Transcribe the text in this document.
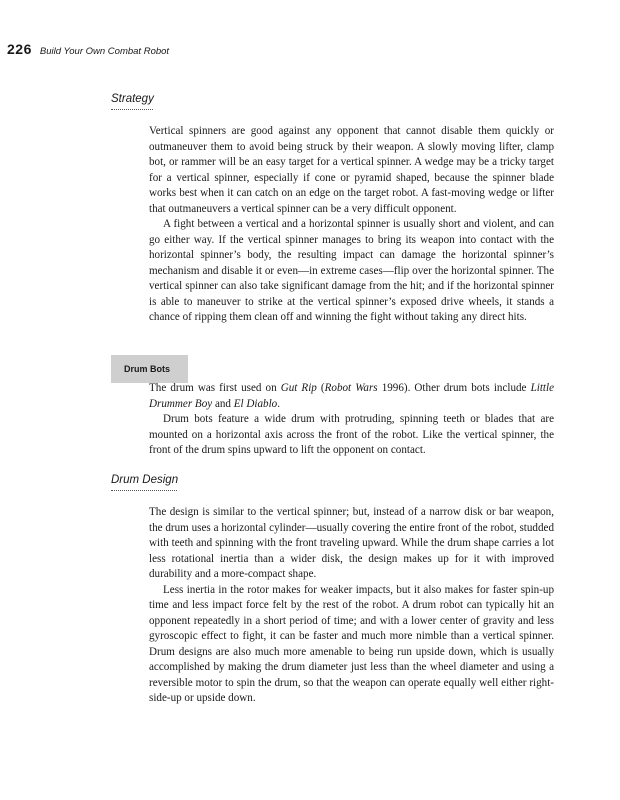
226 Build Your Own Combat Robot
Strategy

Vertical spinners are good against any opponent that cannot disable them quickly or outmaneuver them to avoid being struck by their weapon. A slowly moving lifter, clamp bot, or rammer will be an easy target for a vertical spinner. A wedge may be a tricky target for a vertical spinner, especially if cone or pyramid shaped, because the spinner blade works best when it can catch on an edge on the target robot. A fast-moving wedge or lifter that outmaneuvers a vertical spinner can be a very difficult opponent.

A fight between a vertical and a horizontal spinner is usually short and violent, and can go either way. If the vertical spinner manages to bring its weapon into contact with the horizontal spinner’s body, the resulting impact can damage the horizontal spinner’s mechanism and disable it or even—in extreme cases—flip over the horizontal spinner. The vertical spinner can also take significant damage from the hit; and if the horizontal spinner is able to maneuver to strike at the vertical spinner’s exposed drive wheels, it stands a chance of ripping them clean off and winning the fight without taking any direct hits.

Drum Bots

The drum was first used on Gut Rip (Robot Wars 1996). Other drum bots include Little Drummer Boy and El Diablo.

Drum bots feature a wide drum with protruding, spinning teeth or blades that are mounted on a horizontal axis across the front of the robot. Like the vertical spinner, the front of the drum spins upward to lift the opponent on contact.

Drum Design

The design is similar to the vertical spinner; but, instead of a narrow disk or bar weapon, the drum uses a horizontal cylinder—usually covering the entire front of the robot, studded with teeth and spinning with the front traveling upward. While the drum shape carries a lot less rotational inertia than a wider disk, the design makes up for it with improved durability and a more-compact shape.

Less inertia in the rotor makes for weaker impacts, but it also makes for faster spin-up time and less impact force felt by the rest of the robot. A drum robot can typically hit an opponent repeatedly in a short period of time; and with a lower center of gravity and less gyroscopic effect to fight, it can be faster and much more nimble than a vertical spinner. Drum designs are also much more amenable to being run upside down, which is usually accomplished by making the drum diameter just less than the wheel diameter and using a reversible motor to spin the drum, so that the weapon can operate equally well either right-side-up or upside down.
